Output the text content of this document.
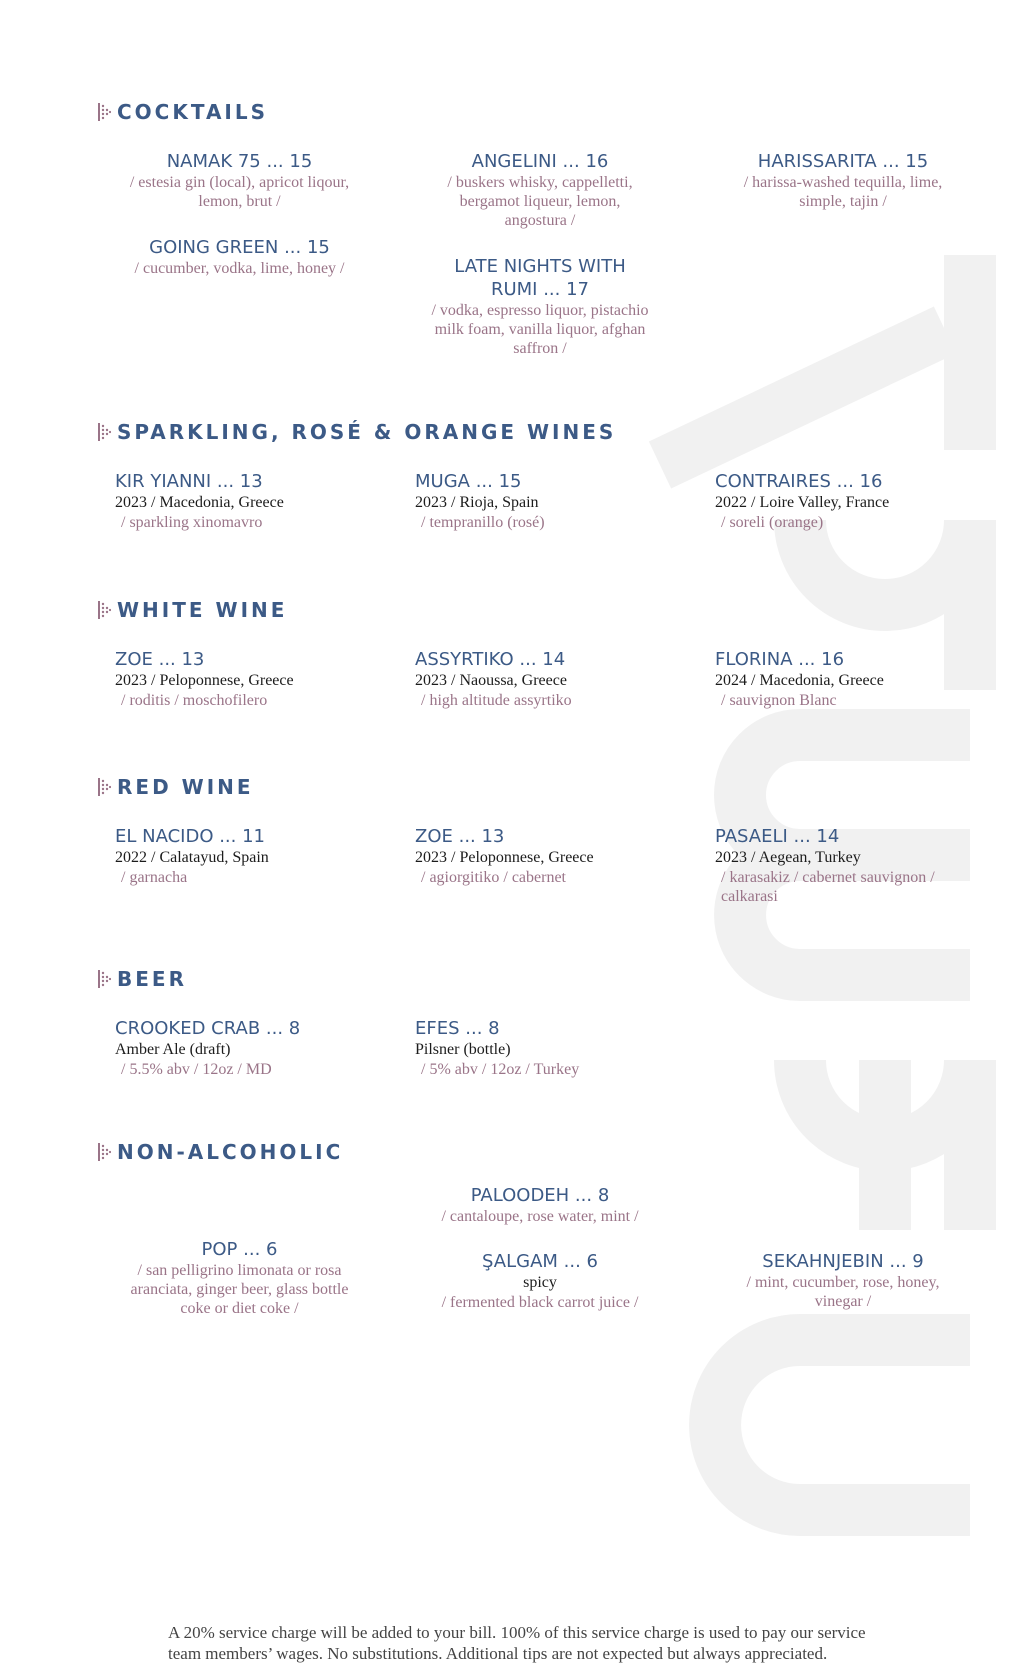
COCKTAILS
NAMAK 75 ... 15
/ estesia gin (local), apricot liqour, lemon, brut /
GOING GREEN ... 15
/ cucumber, vodka, lime, honey /
ANGELINI ... 16
/ buskers whisky, cappelletti, bergamot liqueur, lemon, angostura /
LATE NIGHTS WITH RUMI ... 17
/ vodka, espresso liquor, pistachio milk foam, vanilla liquor, afghan saffron /
HARISSARITA ... 15
/ harissa-washed tequilla, lime, simple, tajin /
SPARKLING, ROSÉ & ORANGE WINES
KIR YIANNI ... 13
2023 / Macedonia, Greece
/ sparkling xinomavro
MUGA ... 15
2023 / Rioja, Spain
/ tempranillo (rosé)
CONTRAIRES ... 16
2022 / Loire Valley, France
/ soreli (orange)
WHITE WINE
ZOE ... 13
2023 / Peloponnese, Greece
/ roditis / moschofilero
ASSYRTIKO ... 14
2023 / Naoussa, Greece
/ high altitude assyrtiko
FLORINA ... 16
2024 / Macedonia, Greece
/ sauvignon Blanc
RED WINE
EL NACIDO ... 11
2022 / Calatayud, Spain
/ garnacha
ZOE ... 13
2023 / Peloponnese, Greece
/ agiorgitiko / cabernet
PASAELI ... 14
2023 / Aegean, Turkey
/ karasakiz / cabernet sauvignon / calkarasi
BEER
CROOKED CRAB ... 8
Amber Ale (draft)
/ 5.5% abv / 12oz / MD
EFES ... 8
Pilsner (bottle)
/ 5% abv / 12oz / Turkey
NON-ALCOHOLIC
PALOODEH ... 8
/ cantaloupe, rose water, mint /
POP ... 6
/ san pelligrino limonata or rosa aranciata, ginger beer, glass bottle coke or diet coke /
ŞALGAM ... 6
spicy
/ fermented black carrot juice /
SEKAHNJEBIN ... 9
/ mint, cucumber, rose, honey, vinegar /
A 20% service charge will be added to your bill. 100% of this service charge is used to pay our service team members’ wages. No substitutions. Additional tips are not expected but always appreciated.
